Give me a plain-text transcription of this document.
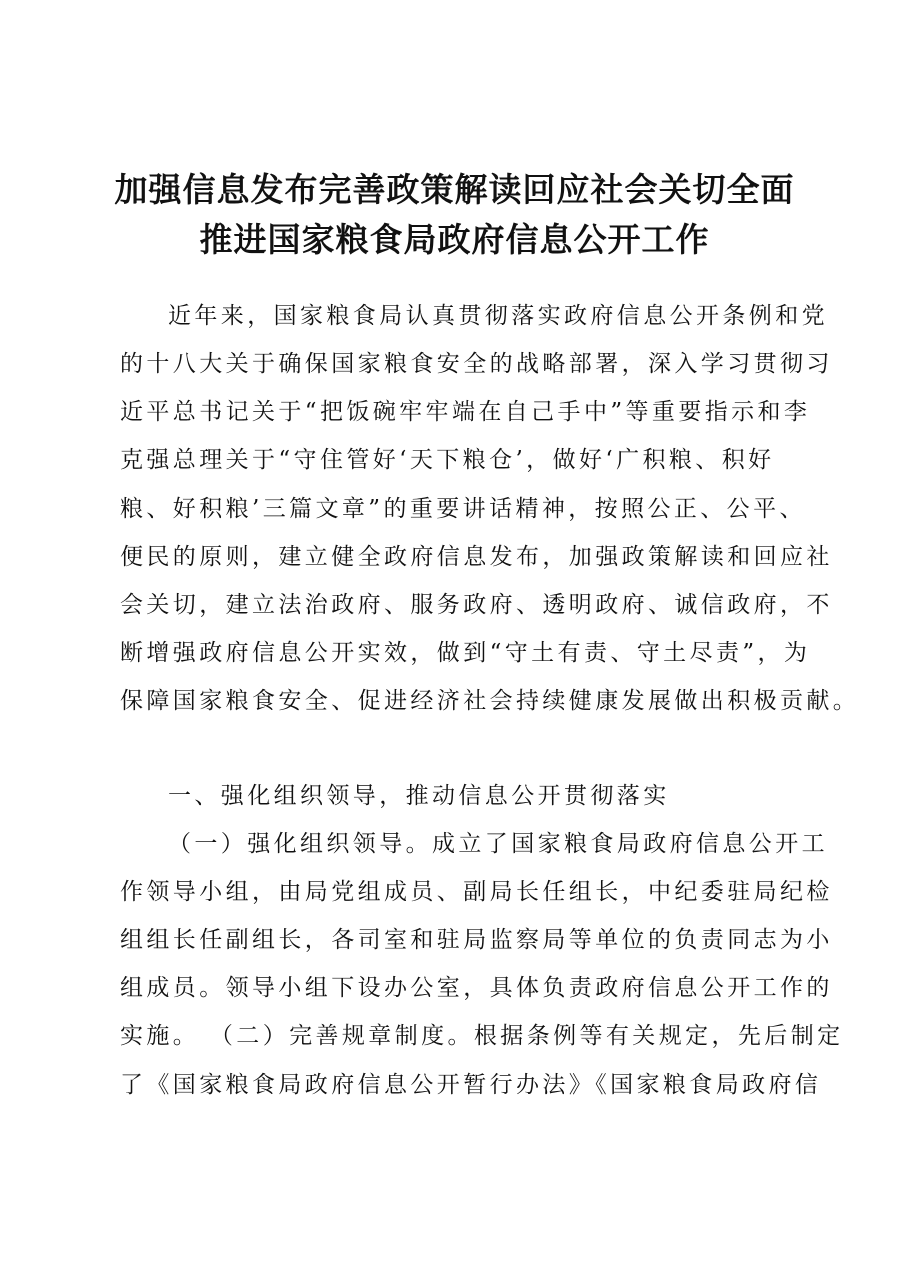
加强信息发布完善政策解读回应社会关切全面
推进国家粮食局政府信息公开工作
近年来，国家粮食局认真贯彻落实政府信息公开条例和党
的十八大关于确保国家粮食安全的战略部署，深入学习贯彻习
近平总书记关于“把饭碗牢牢端在自己手中”等重要指示和李
克强总理关于“守住管好‘天下粮仓’，做好‘广积粮、积好
粮、好积粮’三篇文章”的重要讲话精神，按照公正、公平、
便民的原则，建立健全政府信息发布，加强政策解读和回应社
会关切，建立法治政府、服务政府、透明政府、诚信政府，不
断增强政府信息公开实效，做到“守土有责、守土尽责”，为
保障国家粮食安全、促进经济社会持续健康发展做出积极贡献。
一、强化组织领导，推动信息公开贯彻落实
（一）强化组织领导。成立了国家粮食局政府信息公开工
作领导小组，由局党组成员、副局长任组长，中纪委驻局纪检
组组长任副组长，各司室和驻局监察局等单位的负责同志为小
组成员。领导小组下设办公室，具体负责政府信息公开工作的
实施。 （二）完善规章制度。根据条例等有关规定，先后制定
了《国家粮食局政府信息公开暂行办法》《国家粮食局政府信
